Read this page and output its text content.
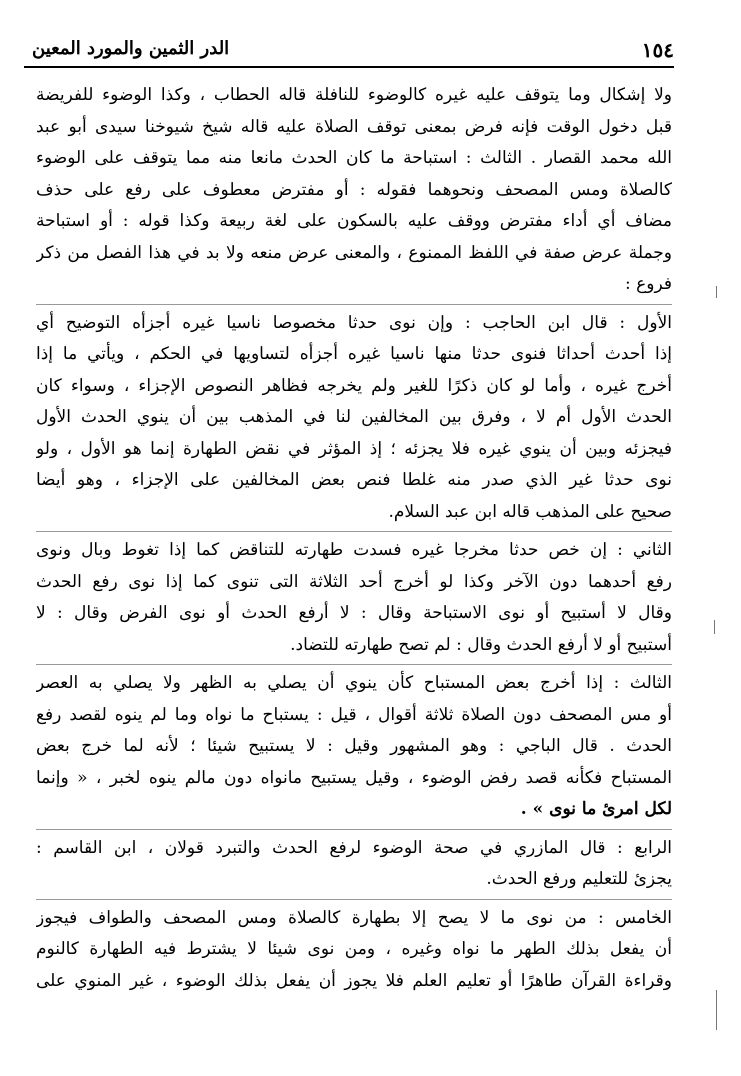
١٥٤
الدر الثمين والمورد المعين
ولا إشكال وما يتوقف عليه غيره كالوضوء للنافلة قاله الحطاب ، وكذا الوضوء للفريضة
قبل دخول الوقت فإنه فرض بمعنى توقف الصلاة عليه قاله شيخ شيوخنا سيدى أبو عبد
الله محمد القصار . الثالث : استباحة ما كان الحدث مانعا منه مما يتوقف على الوضوء
كالصلاة ومس المصحف ونحوهما فقوله : أو مفترض معطوف على رفع على حذف
مضاف أي أداء مفترض ووقف عليه بالسكون على لغة ربيعة وكذا قوله : أو استباحة
وجملة عرض صفة في اللفظ الممنوع ، والمعنى عرض منعه ولا بد في هذا الفصل من ذكر
فروع :
الأول : قال ابن الحاجب : وإن نوى حدثا مخصوصا ناسيا غيره أجزأه التوضيح أي
إذا أحدث أحداثا فنوى حدثا منها ناسيا غيره أجزأه لتساويها في الحكم ، ويأتي ما إذا
أخرج غيره ، وأما لو كان ذكرًا للغير ولم يخرجه فظاهر النصوص الإجزاء ، وسواء كان
الحدث الأول أم لا ، وفرق بين المخالفين لنا في المذهب بين أن ينوي الحدث الأول
فيجزئه وبين أن ينوي غيره فلا يجزئه ؛ إذ المؤثر في نقض الطهارة إنما هو الأول ، ولو
نوى حدثا غير الذي صدر منه غلطا فنص بعض المخالفين على الإجزاء ، وهو أيضا
صحيح على المذهب قاله ابن عبد السلام.
الثاني : إن خص حدثا مخرجا غيره فسدت طهارته للتناقض كما إذا تغوط وبال ونوى
رفع أحدهما دون الآخر وكذا لو أخرج أحد الثلاثة التى تنوى كما إذا نوى رفع الحدث
وقال لا أستبيح أو نوى الاستباحة وقال : لا أرفع الحدث أو نوى الفرض وقال : لا
أستبيح أو لا أرفع الحدث وقال : لم تصح طهارته للتضاد.
الثالث : إذا أخرج بعض المستباح كأن ينوي أن يصلي به الظهر ولا يصلي به العصر
أو مس المصحف دون الصلاة ثلاثة أقوال ، قيل : يستباح ما نواه وما لم ينوه لقصد رفع
الحدث . قال الباجي : وهو المشهور وقيل : لا يستبيح شيئا ؛ لأنه لما خرج بعض
المستباح فكأنه قصد رفض الوضوء ، وقيل يستبيح مانواه دون مالم ينوه لخبر ، « وإنما
لكل امرئ ما نوى » .
الرابع : قال المازري في صحة الوضوء لرفع الحدث والتبرد قولان ، ابن القاسم :
يجزئ للتعليم ورفع الحدث.
الخامس : من نوى ما لا يصح إلا بطهارة كالصلاة ومس المصحف والطواف فيجوز
أن يفعل بذلك الطهر ما نواه وغيره ، ومن نوى شيئا لا يشترط فيه الطهارة كالنوم
وقراءة القرآن طاهرًا أو تعليم العلم فلا يجوز أن يفعل بذلك الوضوء ، غير المنوي على
